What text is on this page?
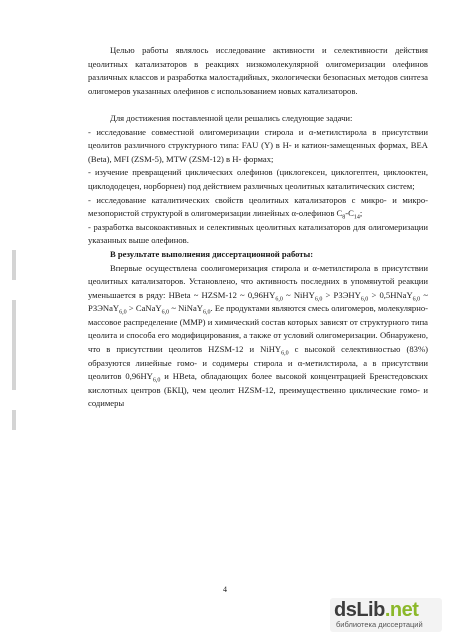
Целью работы являлось исследование активности и селективности действия цеолитных катализаторов в реакциях низкомолекулярной олигомеризации олефинов различных классов и разработка малостадийных, экологически безопасных методов синтеза олигомеров указанных олефинов с использованием новых катализаторов.

Для достижения поставленной цели решались следующие задачи:

- исследование совместной олигомеризации стирола и α-метилстирола в присутствии цеолитов различного структурного типа: FAU (Y) в Н- и катион-замещенных формах, BEA (Beta), MFI (ZSM-5), MTW (ZSM-12) в Н- формах;

- изучение превращений циклических олефинов (циклогексен, циклогептен, циклооктен, циклододецен, норборнен) под действием различных цеолитных каталитических систем;

- исследование каталитических свойств цеолитных катализаторов с микро- и микро-мезопористой структурой в олигомеризации линейных α-олефинов $C_8-C_{14}$;

- разработка высокоактивных и селективных цеолитных катализаторов для олигомеризации указанных выше олефинов.

В результате выполнения диссертационной работы:

Впервые осуществлена соолигомеризация стирола и α-метилстирола в присутствии цеолитных катализаторов. Установлено, что активность последних в упомянутой реакции уменьшается в ряду: HBeta ~ HZSM-12 ~ $0,96HY_{6,0}$ ~ NiHY$_{6,0}$ > $РЗЭHY_{6,0}$ > 0,5HNaY$_{6,0}$ ~ РЗЭNaY$_{6,0}$ > CaNaY$_{6,0}$ ~ NiNaY$_{6,0}$. Ее продуктами являются смесь олигомеров, молекулярно-массовое распределение (ММР) и химический состав которых зависят от структурного типа цеолита и способа его модифицирования, а также от условий олигомеризации. Обнаружено, что в присутствии цеолитов HZSM-12 и NiHY$_{6,0}$ с высокой селективностью (83%) образуются линейные гомо- и содимеры стирола и α-метилстирола, а в присутствии цеолитов $0,96HY_{6,0}$ и HBeta, обладающих более высокой концентрацией Бренстедовских кислотных центров (БКЦ), чем цеолит HZSM-12, преимущественно циклические гомо- и содимеры

4
dsLib.net
библиотека диссертаций
